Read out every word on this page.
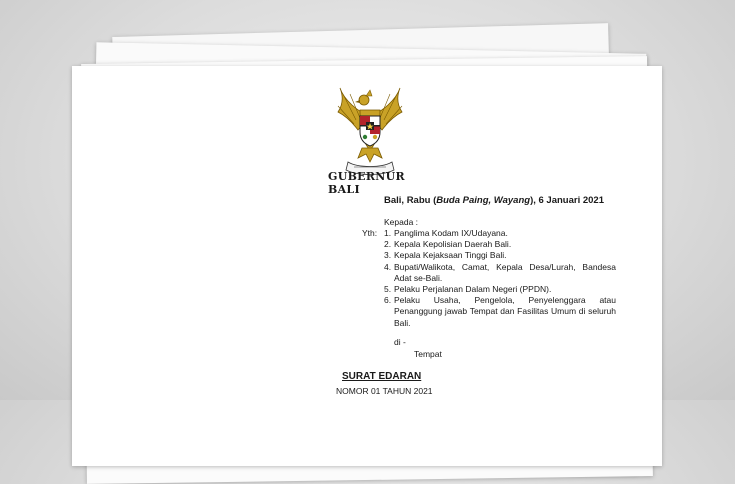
GUBERNUR BALI
Bali, Rabu (Buda Paing, Wayang), 6 Januari 2021
Kepada :
Yth: 1. Panglima Kodam IX/Udayana.
2. Kepala Kepolisian Daerah Bali.
3. Kepala Kejaksaan Tinggi Bali.
4. Bupati/Walikota, Camat, Kepala Desa/Lurah, Bandesa Adat se-Bali.
5. Pelaku Perjalanan Dalam Negeri (PPDN).
6. Pelaku Usaha, Pengelola, Penyelenggara atau Penanggung jawab Tempat dan Fasilitas Umum di seluruh Bali.
di -
Tempat
SURAT EDARAN
NOMOR 01 TAHUN 2021
